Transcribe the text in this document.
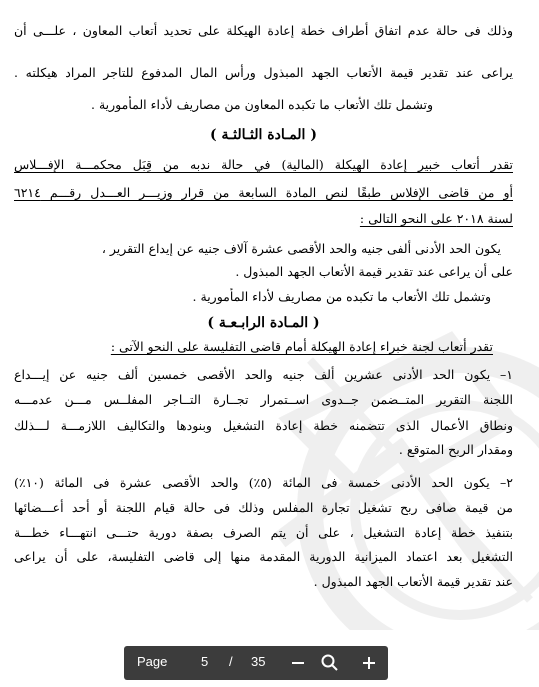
وذلك فى حالة عدم اتفاق أطراف خطة إعادة الهيكلة على تحديد أتعاب المعاون ، علـــى أن
يراعى عند تقدير قيمة الأتعاب الجهد المبذول ورأس المال المدفوع للتاجر المراد هيكلته .
وتشمل تلك الأتعاب ما تكبده المعاون من مصاريف لأداء المأمورية .
( المـادة الثـالثـة )
تقدر أتعاب خبير إعادة الهيكلة (المالية) في حالة ندبه من قِبَل محكمـــة الإفـــلاس
أو من قاضى الإفلاس طبقًا لنص المادة السابعة من قرار وزيـــر العـــدل رقـــم ٦٢١٤
لسنة ٢٠١٨ على النحو التالى :
يكون الحد الأدنى ألفى جنيه والحد الأقصى عشرة آلاف جنيه عن إيداع التقرير ،
على أن يراعى عند تقدير قيمة الأتعاب الجهد المبذول .
وتشمل تلك الأتعاب ما تكبده من مصاريف لأداء المأمورية .
( المـادة الرابـعـة )
تقدر أتعاب لجنة خبراء إعادة الهيكلة أمام قاضى التفليسة على النحو الآتى :
١– يكون الحد الأدنى عشرين ألف جنيه والحد الأقصى خمسين ألف جنيه عن إيـــداع
اللجنة التقرير المتــضمن جــدوى اســتمرار تجــارة التــاجر المفلــس مـــن عدمـــه
ونطاق الأعمال الذى تتضمنه خطة إعادة التشغيل وبنودها والتكاليف اللازمـــة لـــذلك
ومقدار الربح المتوقع .
٢– يكون الحد الأدنى خمسة فى المائة (٥٪) والحد الأقصى عشرة فى المائة (١٠٪)
من قيمة صافى ربح تشغيل تجارة المفلس وذلك فى حالة قيام اللجنة أو أحد أعـــضائها
بتنفيذ خطة إعادة التشغيل ، على أن يتم الصرف بصفة دورية حتـــى انتهـــاء خطـــة
التشغيل بعد اعتماد الميزانية الدورية المقدمة منها إلى قاضى التفليسة، على أن يراعى
عند تقدير قيمة الأتعاب الجهد المبذول .
Page	5 / 35
